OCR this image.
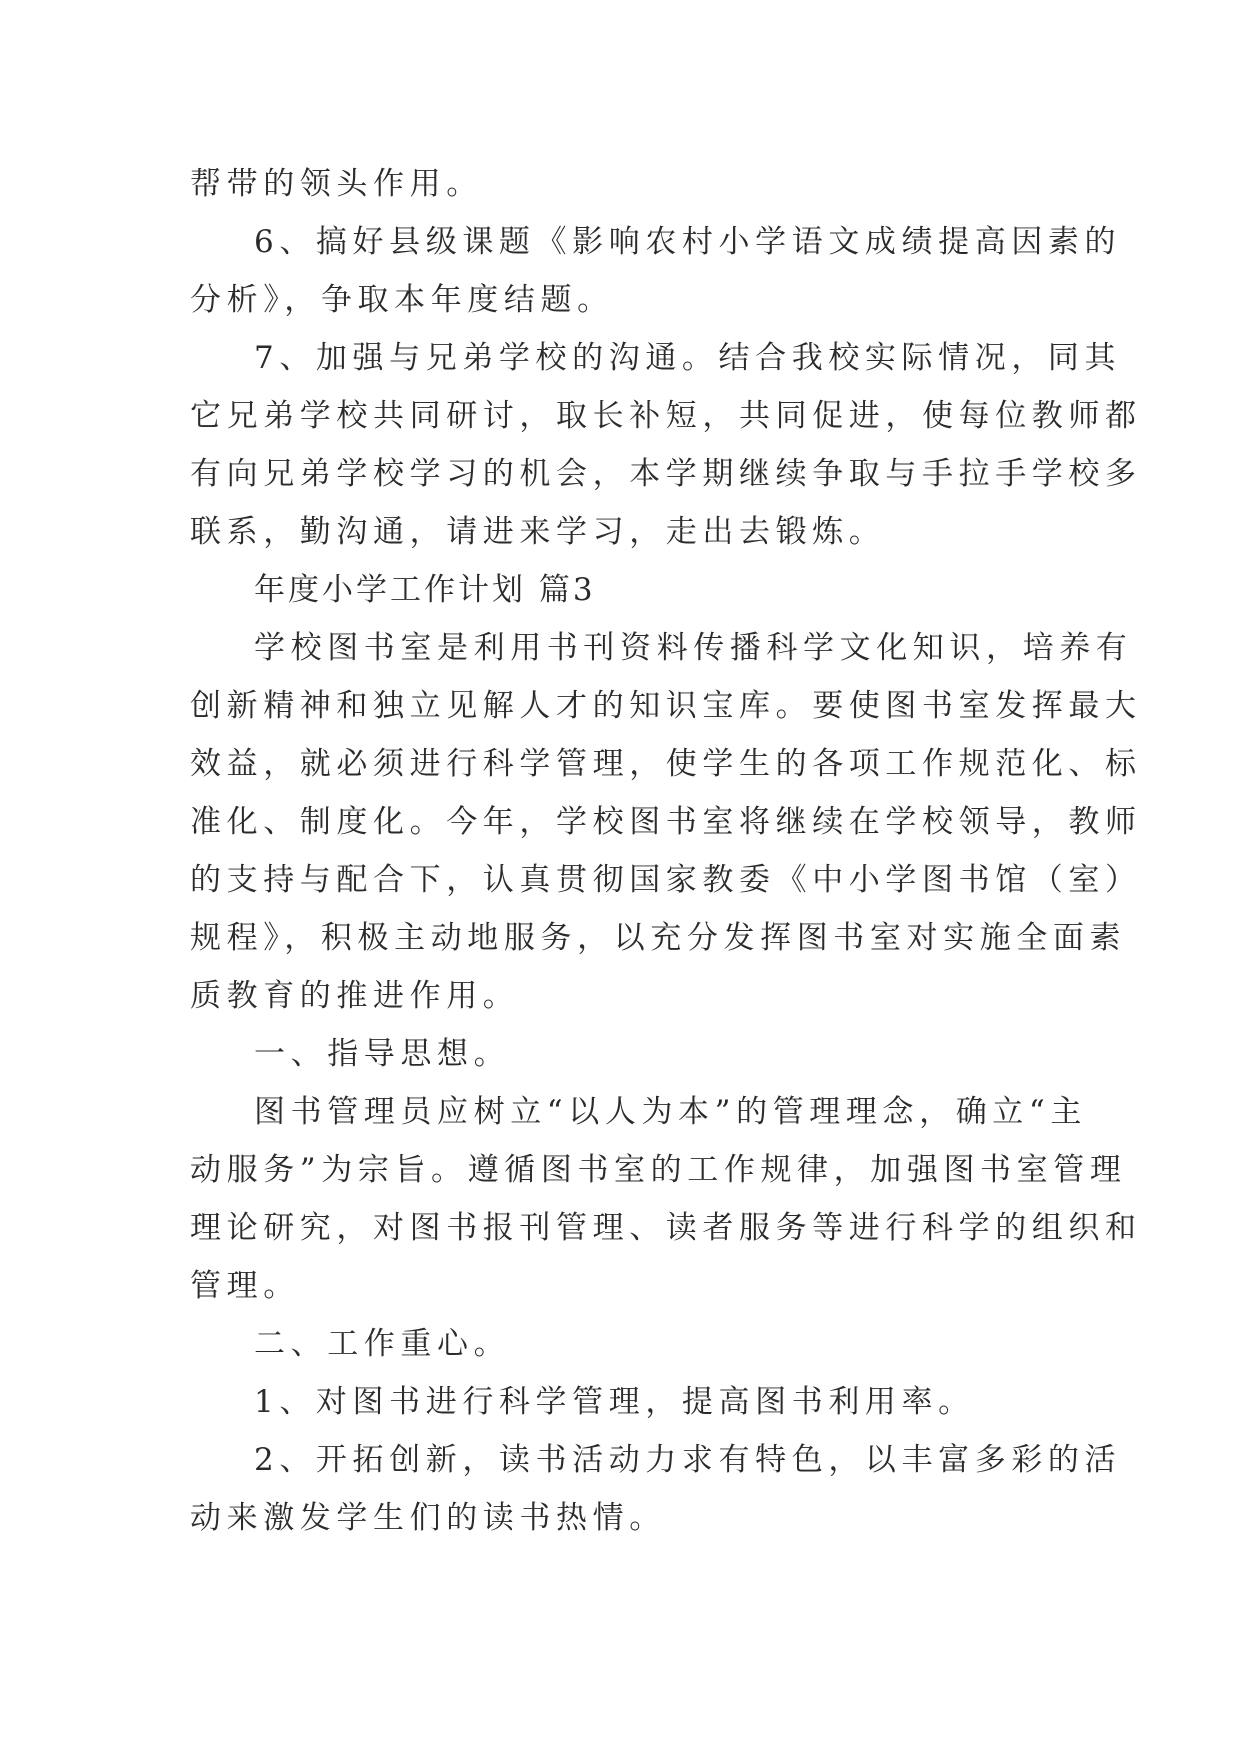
帮带的领头作用。

6、搞好县级课题《影响农村小学语文成绩提高因素的

分析》，争取本年度结题。

7、加强与兄弟学校的沟通。结合我校实际情况，同其

它兄弟学校共同研讨，取长补短，共同促进，使每位教师都

有向兄弟学校学习的机会，本学期继续争取与手拉手学校多

联系，勤沟通，请进来学习，走出去锻炼。

年度小学工作计划 篇3

学校图书室是利用书刊资料传播科学文化知识，培养有

创新精神和独立见解人才的知识宝库。要使图书室发挥最大

效益，就必须进行科学管理，使学生的各项工作规范化、标

准化、制度化。今年，学校图书室将继续在学校领导，教师

的支持与配合下，认真贯彻国家教委《中小学图书馆（室）

规程》，积极主动地服务，以充分发挥图书室对实施全面素

质教育的推进作用。

一、指导思想。

图书管理员应树立“以人为本”的管理理念，确立“主

动服务”为宗旨。遵循图书室的工作规律，加强图书室管理

理论研究，对图书报刊管理、读者服务等进行科学的组织和

管理。

二、工作重心。

1、对图书进行科学管理，提高图书利用率。

2、开拓创新，读书活动力求有特色，以丰富多彩的活

动来激发学生们的读书热情。
